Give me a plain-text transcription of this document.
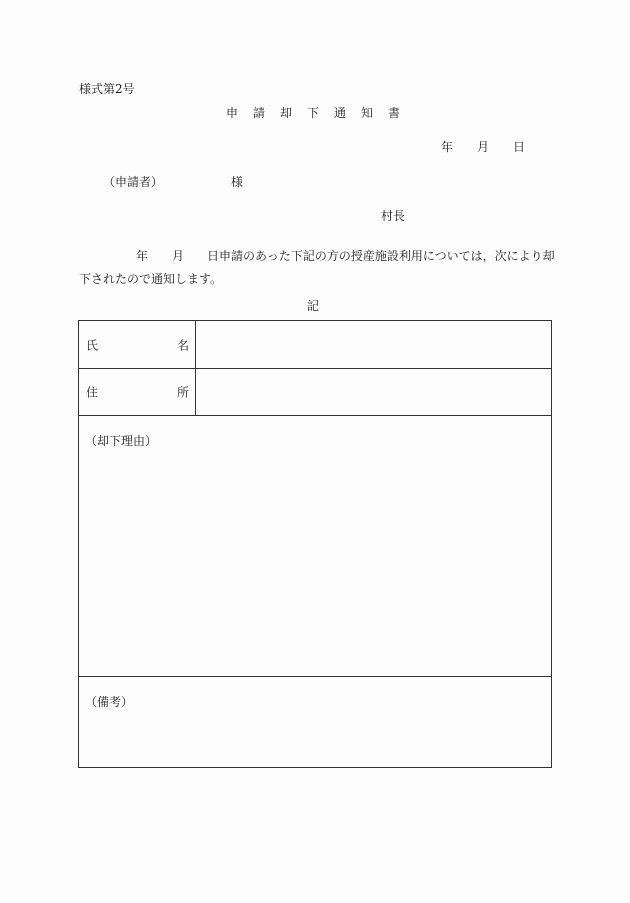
様式第2号
申 請 却 下 通 知 書
年 月 日
（申請者）	様
村長
年 月 日申請のあった下記の方の授産施設利用については，次により却
下されたので通知します。
記
氏	名
住	所
（却下理由）
（備考）
